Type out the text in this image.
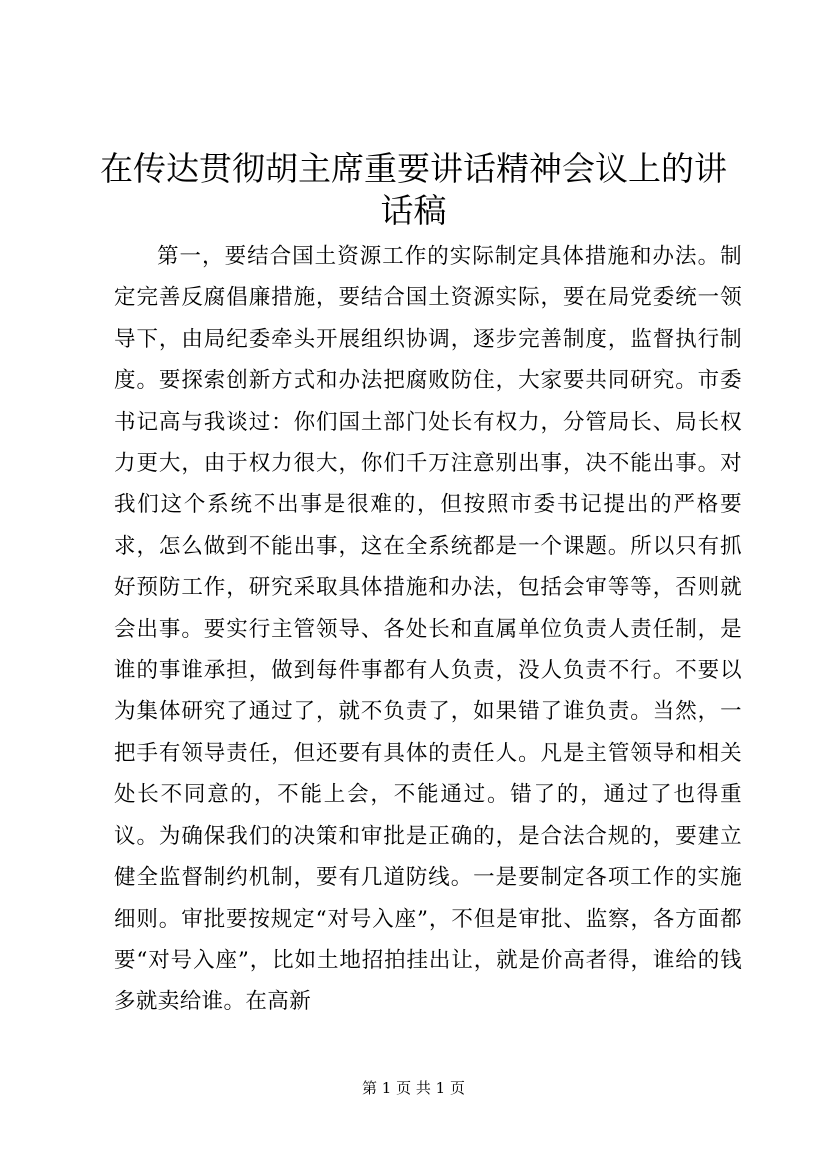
在传达贯彻胡主席重要讲话精神会议上的讲话稿

第一，要结合国土资源工作的实际制定具体措施和办法。制定完善反腐倡廉措施，要结合国土资源实际，要在局党委统一领导下，由局纪委牵头开展组织协调，逐步完善制度，监督执行制度。要探索创新方式和办法把腐败防住，大家要共同研究。市委书记高与我谈过：你们国土部门处长有权力，分管局长、局长权力更大，由于权力很大，你们千万注意别出事，决不能出事。对我们这个系统不出事是很难的，但按照市委书记提出的严格要求，怎么做到不能出事，这在全系统都是一个课题。所以只有抓好预防工作，研究采取具体措施和办法，包括会审等等，否则就会出事。要实行主管领导、各处长和直属单位负责人责任制，是谁的事谁承担，做到每件事都有人负责，没人负责不行。不要以为集体研究了通过了，就不负责了，如果错了谁负责。当然，一把手有领导责任，但还要有具体的责任人。凡是主管领导和相关处长不同意的，不能上会，不能通过。错了的，通过了也得重议。为确保我们的决策和审批是正确的，是合法合规的，要建立健全监督制约机制，要有几道防线。一是要制定各项工作的实施细则。审批要按规定“对号入座”，不但是审批、监察，各方面都要“对号入座”，比如土地招拍挂出让，就是价高者得，谁给的钱多就卖给谁。在高新

第 1 页 共 1 页
